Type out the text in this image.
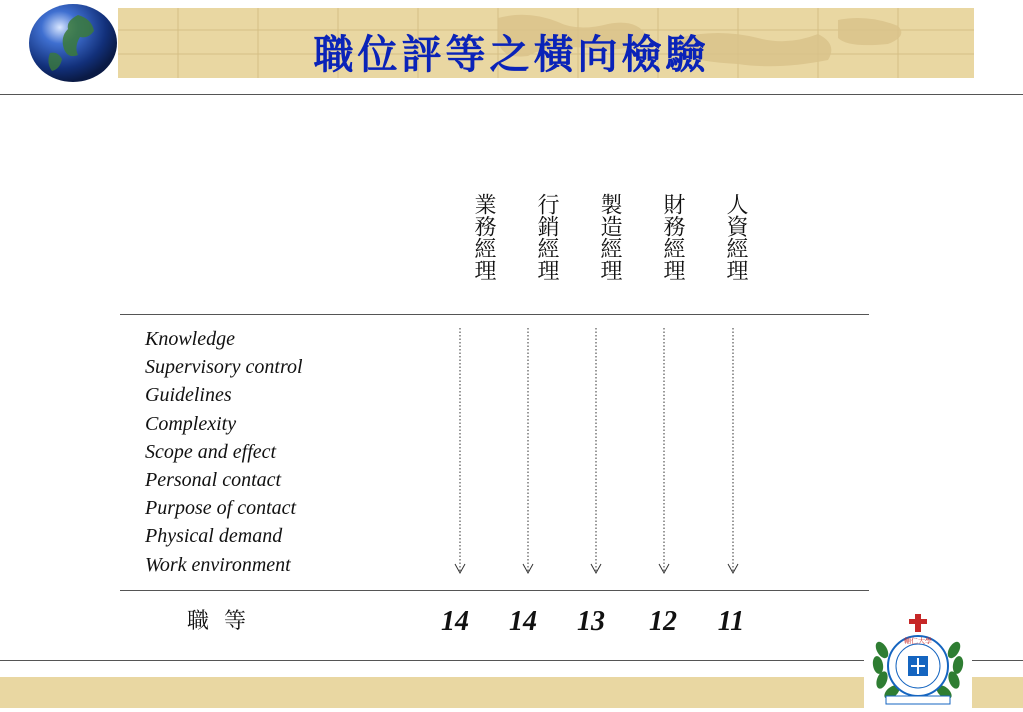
職位評等之橫向檢驗
業務經理 行銷經理 製造經理 財務經理 人資經理
Knowledge
Supervisory control
Guidelines
Complexity
Scope and effect
Personal contact
Purpose of contact
Physical demand
Work environment
職 等	14	14	13	12	11
輔仁大學
